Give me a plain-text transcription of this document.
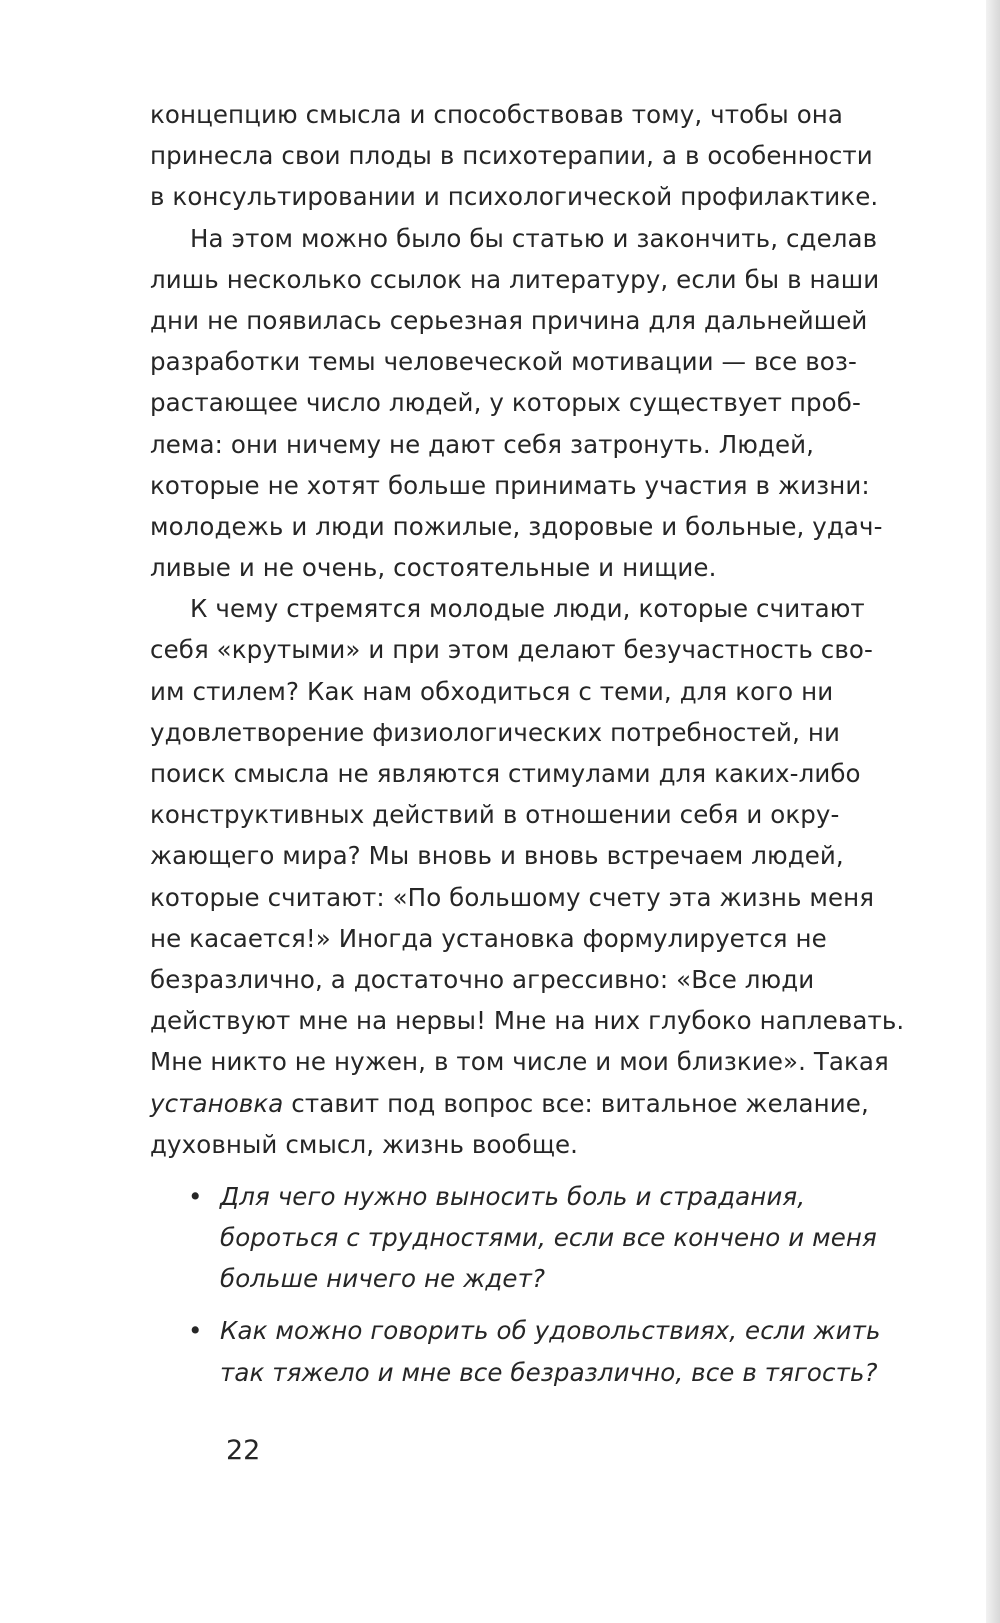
концепцию смысла и способствовав тому, чтобы она
принесла свои плоды в психотерапии, а в особенности
в консультировании и психологической профилактике.
На этом можно было бы статью и закончить, сделав
лишь несколько ссылок на литературу, если бы в наши
дни не появилась серьезная причина для дальнейшей
разработки темы человеческой мотивации — все воз-
растающее число людей, у которых существует проб-
лема: они ничему не дают себя затронуть. Людей,
которые не хотят больше принимать участия в жизни:
молодежь и люди пожилые, здоровые и больные, удач-
ливые и не очень, состоятельные и нищие.
К чему стремятся молодые люди, которые считают
себя «крутыми» и при этом делают безучастность сво-
им стилем? Как нам обходиться с теми, для кого ни
удовлетворение физиологических потребностей, ни
поиск смысла не являются стимулами для каких-либо
конструктивных действий в отношении себя и окру-
жающего мира? Мы вновь и вновь встречаем людей,
которые считают: «По большому счету эта жизнь меня
не касается!» Иногда установка формулируется не
безразлично, а достаточно агрессивно: «Все люди
действуют мне на нервы! Мне на них глубоко наплевать.
Мне никто не нужен, в том числе и мои близкие». Такая
установка ставит под вопрос все: витальное желание,
духовный смысл, жизнь вообще.
• Для чего нужно выносить боль и страдания,
бороться с трудностями, если все кончено и меня
больше ничего не ждет?
• Как можно говорить об удовольствиях, если жить
так тяжело и мне все безразлично, все в тягость?
22
